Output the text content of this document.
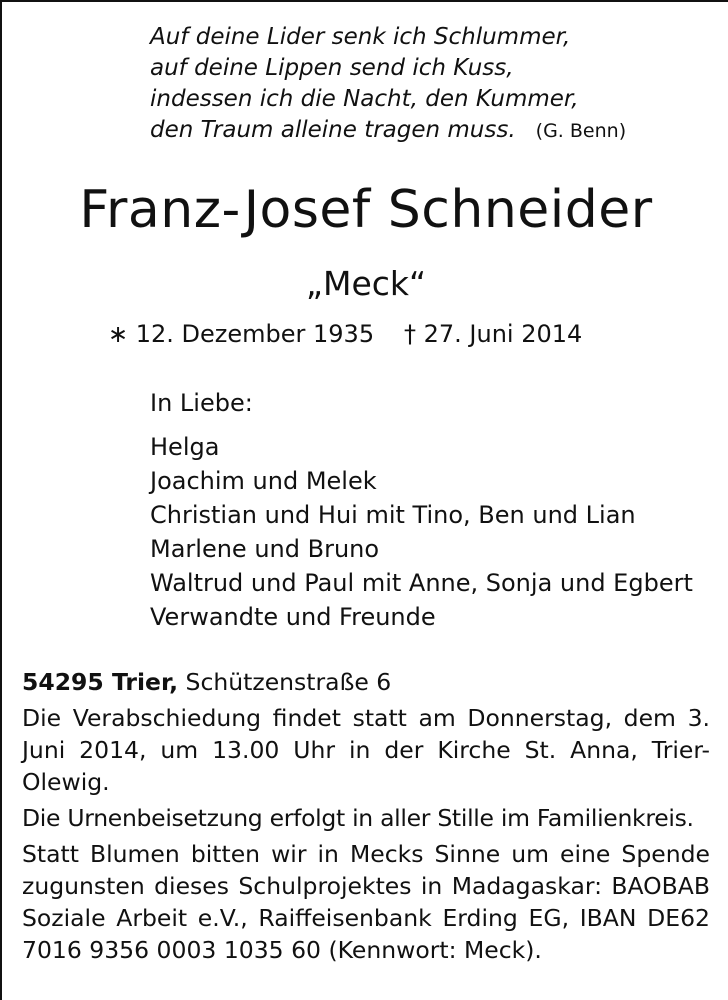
Auf deine Lider senk ich Schlummer,
auf deine Lippen send ich Kuss,
indessen ich die Nacht, den Kummer,
den Traum alleine tragen muss. (G. Benn)
Franz-Josef Schneider
„Meck“
∗ 12. Dezember 1935 † 27. Juni 2014
In Liebe:
Helga
Joachim und Melek
Christian und Hui mit Tino, Ben und Lian
Marlene und Bruno
Waltrud und Paul mit Anne, Sonja und Egbert
Verwandte und Freunde

54295 Trier, Schützenstraße 6

Die Verabschiedung findet statt am Donnerstag, dem 3. Juni 2014, um 13.00 Uhr in der Kirche St. Anna, Trier-Olewig.

Die Urnenbeisetzung erfolgt in aller Stille im Familienkreis.

Statt Blumen bitten wir in Mecks Sinne um eine Spende zugunsten dieses Schulprojektes in Madagaskar: BAOBAB Soziale Arbeit e.V., Raiffeisenbank Erding EG, IBAN DE62 7016 9356 0003 1035 60 (Kennwort: Meck).
